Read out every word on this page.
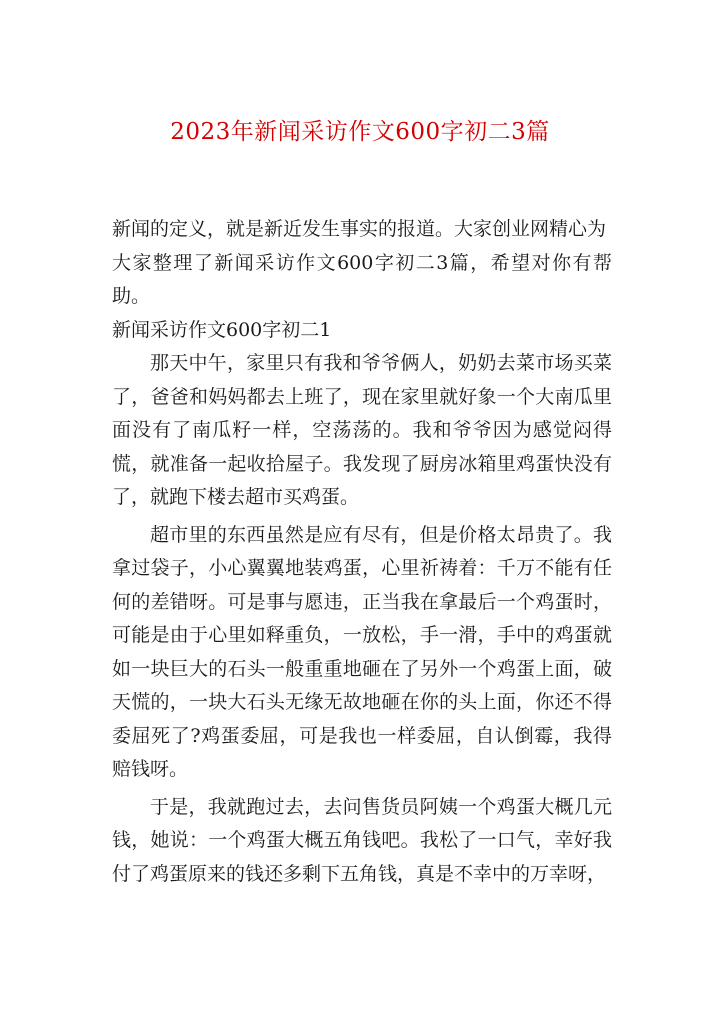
2023年新闻采访作文600字初二3篇

新闻的定义，就是新近发生事实的报道。大家创业网精心为

大家整理了新闻采访作文600字初二3篇，希望对你有帮助。

新闻采访作文600字初二1

那天中午，家里只有我和爷爷俩人，奶奶去菜市场买菜了，爸爸和妈妈都去上班了，现在家里就好象一个大南瓜里面没有了南瓜籽一样，空荡荡的。我和爷爷因为感觉闷得慌，就准备一起收拾屋子。我发现了厨房冰箱里鸡蛋快没有了，就跑下楼去超市买鸡蛋。

超市里的东西虽然是应有尽有，但是价格太昂贵了。我拿过袋子，小心翼翼地装鸡蛋，心里祈祷着：千万不能有任何的差错呀。可是事与愿违，正当我在拿最后一个鸡蛋时，可能是由于心里如释重负，一放松，手一滑，手中的鸡蛋就如一块巨大的石头一般重重地砸在了另外一个鸡蛋上面，破天慌的，一块大石头无缘无故地砸在你的头上面，你还不得委屈死了?鸡蛋委屈，可是我也一样委屈，自认倒霉，我得赔钱呀。

于是，我就跑过去，去问售货员阿姨一个鸡蛋大概几元钱，她说：一个鸡蛋大概五角钱吧。我松了一口气，幸好我付了鸡蛋原来的钱还多剩下五角钱，真是不幸中的万幸呀，
